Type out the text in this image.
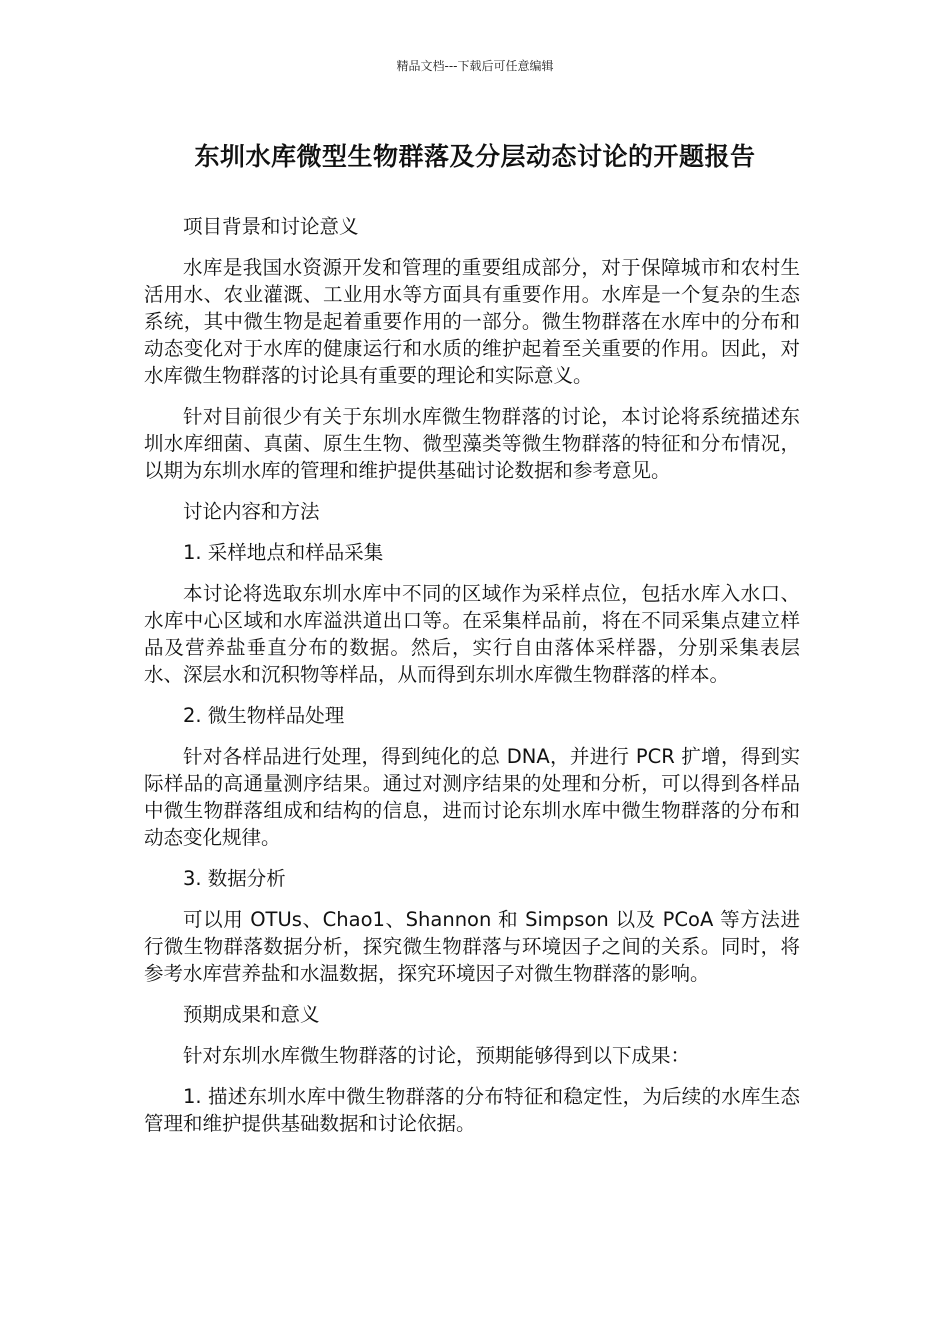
精品文档---下载后可任意编辑
东圳水库微型生物群落及分层动态讨论的开题报告

项目背景和讨论意义

水库是我国水资源开发和管理的重要组成部分，对于保障城市和农村生活用水、农业灌溉、工业用水等方面具有重要作用。水库是一个复杂的生态系统，其中微生物是起着重要作用的一部分。微生物群落在水库中的分布和动态变化对于水库的健康运行和水质的维护起着至关重要的作用。因此，对水库微生物群落的讨论具有重要的理论和实际意义。

针对目前很少有关于东圳水库微生物群落的讨论，本讨论将系统描述东圳水库细菌、真菌、原生生物、微型藻类等微生物群落的特征和分布情况，以期为东圳水库的管理和维护提供基础讨论数据和参考意见。

讨论内容和方法

1. 采样地点和样品采集

本讨论将选取东圳水库中不同的区域作为采样点位，包括水库入水口、水库中心区域和水库溢洪道出口等。在采集样品前，将在不同采集点建立样品及营养盐垂直分布的数据。然后，实行自由落体采样器，分别采集表层水、深层水和沉积物等样品，从而得到东圳水库微生物群落的样本。

2. 微生物样品处理

针对各样品进行处理，得到纯化的总 DNA，并进行 PCR 扩增，得到实际样品的高通量测序结果。通过对测序结果的处理和分析，可以得到各样品中微生物群落组成和结构的信息，进而讨论东圳水库中微生物群落的分布和动态变化规律。

3. 数据分析

可以用 OTUs、Chao1、Shannon 和 Simpson 以及 PCoA 等方法进行微生物群落数据分析，探究微生物群落与环境因子之间的关系。同时，将参考水库营养盐和水温数据，探究环境因子对微生物群落的影响。

预期成果和意义

针对东圳水库微生物群落的讨论，预期能够得到以下成果：

1. 描述东圳水库中微生物群落的分布特征和稳定性，为后续的水库生态管理和维护提供基础数据和讨论依据。
